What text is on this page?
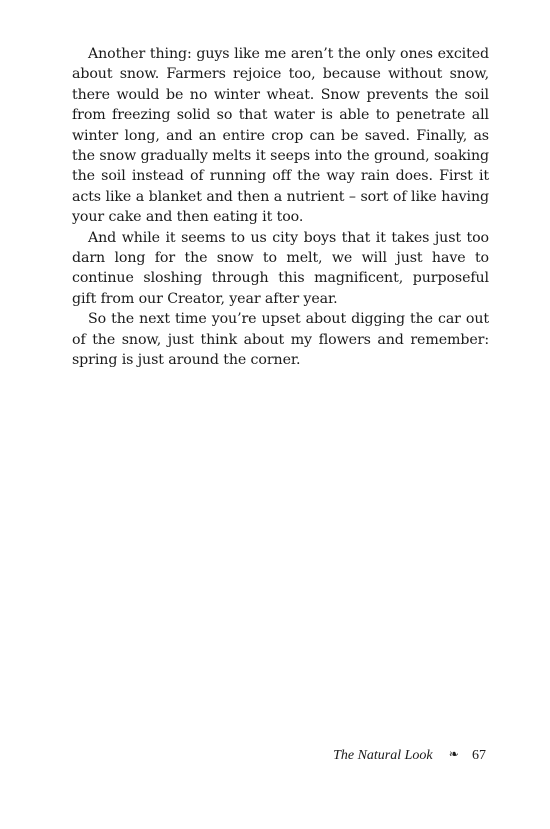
Another thing: guys like me aren’t the only ones excited about snow. Farmers rejoice too, because without snow, there would be no winter wheat. Snow prevents the soil from freezing solid so that water is able to penetrate all winter long, and an entire crop can be saved. Finally, as the snow gradually melts it seeps into the ground, soaking the soil instead of running off the way rain does. First it acts like a blanket and then a nutrient – sort of like having your cake and then eating it too.

And while it seems to us city boys that it takes just too darn long for the snow to melt, we will just have to continue sloshing through this magnificent, purposeful gift from our Creator, year after year.

So the next time you’re upset about digging the car out of the snow, just think about my flowers and remember: spring is just around the corner.

The Natural Look ❧ 67
